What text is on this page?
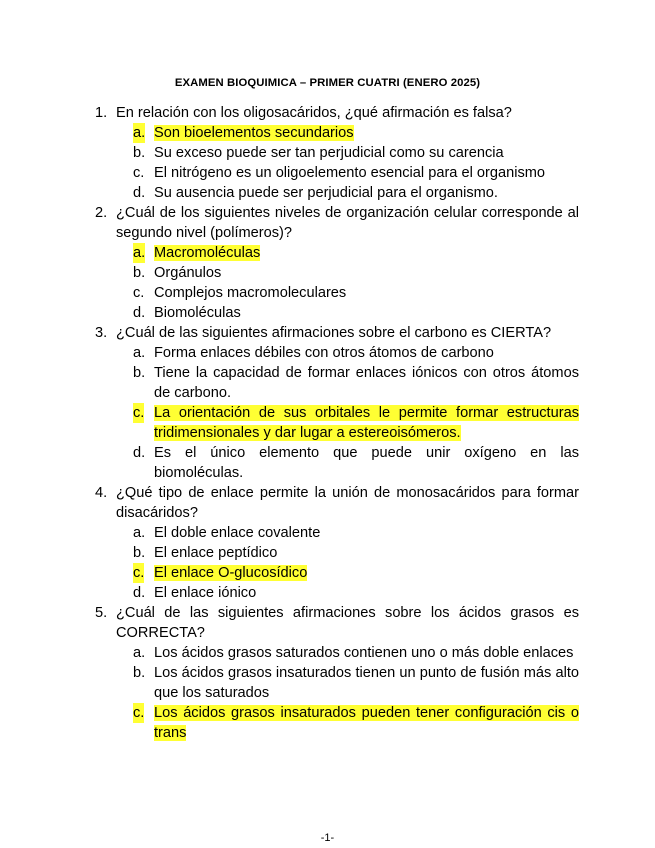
EXAMEN BIOQUIMICA – PRIMER CUATRI (ENERO 2025)
1. En relación con los oligosacáridos, ¿qué afirmación es falsa?
a. Son bioelementos secundarios
b. Su exceso puede ser tan perjudicial como su carencia
c. El nitrógeno es un oligoelemento esencial para el organismo
d. Su ausencia puede ser perjudicial para el organismo.
2. ¿Cuál de los siguientes niveles de organización celular corresponde al segundo nivel (polímeros)?
a. Macromoléculas
b. Orgánulos
c. Complejos macromoleculares
d. Biomoléculas
3. ¿Cuál de las siguientes afirmaciones sobre el carbono es CIERTA?
a. Forma enlaces débiles con otros átomos de carbono
b. Tiene la capacidad de formar enlaces iónicos con otros átomos de carbono.
c. La orientación de sus orbitales le permite formar estructuras tridimensionales y dar lugar a estereoisómeros.
d. Es el único elemento que puede unir oxígeno en las biomoléculas.
4. ¿Qué tipo de enlace permite la unión de monosacáridos para formar disacáridos?
a. El doble enlace covalente
b. El enlace peptídico
c. El enlace O-glucosídico
d. El enlace iónico
5. ¿Cuál de las siguientes afirmaciones sobre los ácidos grasos es CORRECTA?
a. Los ácidos grasos saturados contienen uno o más doble enlaces
b. Los ácidos grasos insaturados tienen un punto de fusión más alto que los saturados
c. Los ácidos grasos insaturados pueden tener configuración cis o trans
-1-
